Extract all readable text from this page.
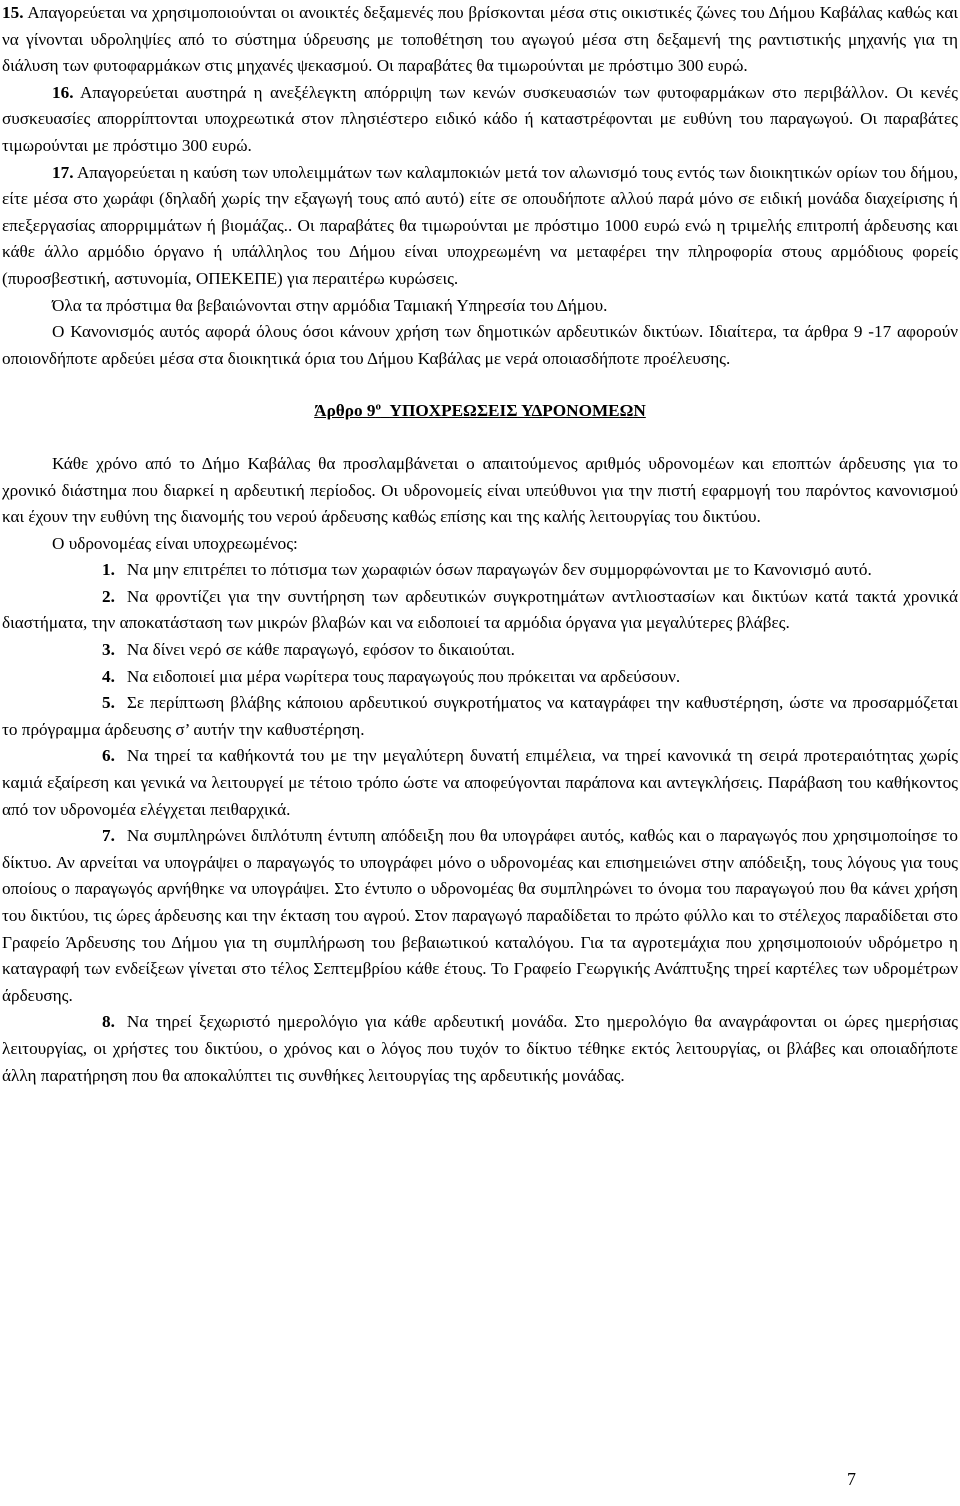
15. Απαγορεύεται να χρησιμοποιούνται οι ανοικτές δεξαμενές που βρίσκονται μέσα στις οικιστικές ζώνες του Δήμου Καβάλας καθώς και να γίνονται υδροληψίες από το σύστημα ύδρευσης με τοποθέτηση του αγωγού μέσα στη δεξαμενή της ραντιστικής μηχανής για τη διάλυση των φυτοφαρμάκων στις μηχανές ψεκασμού. Οι παραβάτες θα τιμωρούνται με πρόστιμο 300 ευρώ.

16. Απαγορεύεται αυστηρά η ανεξέλεγκτη απόρριψη των κενών συσκευασιών των φυτοφαρμάκων στο περιβάλλον. Οι κενές συσκευασίες απορρίπτονται υποχρεωτικά στον πλησιέστερο ειδικό κάδο ή καταστρέφονται με ευθύνη του παραγωγού. Οι παραβάτες τιμωρούνται με πρόστιμο 300 ευρώ.

17. Απαγορεύεται η καύση των υπολειμμάτων των καλαμποκιών μετά τον αλωνισμό τους εντός των διοικητικών ορίων του δήμου, είτε μέσα στο χωράφι (δηλαδή χωρίς την εξαγωγή τους από αυτό) είτε σε οπουδήποτε αλλού παρά μόνο σε ειδική μονάδα διαχείρισης ή επεξεργασίας απορριμμάτων ή βιομάζας.. Οι παραβάτες θα τιμωρούνται με πρόστιμο 1000 ευρώ ενώ η τριμελής επιτροπή άρδευσης και κάθε άλλο αρμόδιο όργανο ή υπάλληλος του Δήμου είναι υποχρεωμένη να μεταφέρει την πληροφορία στους αρμόδιους φορείς (πυροσβεστική, αστυνομία, ΟΠΕΚΕΠΕ) για περαιτέρω κυρώσεις.

Όλα τα πρόστιμα θα βεβαιώνονται στην αρμόδια Ταμιακή Υπηρεσία του Δήμου.

Ο Κανονισμός αυτός αφορά όλους όσοι κάνουν χρήση των δημοτικών αρδευτικών δικτύων. Ιδιαίτερα, τα άρθρα 9 -17 αφορούν οποιονδήποτε αρδεύει μέσα στα διοικητικά όρια του Δήμου Καβάλας με νερά οποιασδήποτε προέλευσης.

Άρθρο $9^o$ ΥΠΟΧΡΕΩΣΕΙΣ ΥΔΡΟΝΟΜΕΩΝ

Κάθε χρόνο από το Δήμο Καβάλας θα προσλαμβάνεται ο απαιτούμενος αριθμός υδρονομέων και εποπτών άρδευσης για το χρονικό διάστημα που διαρκεί η αρδευτική περίοδος. Οι υδρονομείς είναι υπεύθυνοι για την πιστή εφαρμογή του παρόντος κανονισμού και έχουν την ευθύνη της διανομής του νερού άρδευσης καθώς επίσης και της καλής λειτουργίας του δικτύου.

Ο υδρονομέας είναι υποχρεωμένος:

1. Να μην επιτρέπει το πότισμα των χωραφιών όσων παραγωγών δεν συμμορφώνονται με το Κανονισμό αυτό.

2. Να φροντίζει για την συντήρηση των αρδευτικών συγκροτημάτων αντλιοστασίων και δικτύων κατά τακτά χρονικά διαστήματα, την αποκατάσταση των μικρών βλαβών και να ειδοποιεί τα αρμόδια όργανα για μεγαλύτερες βλάβες.

3. Να δίνει νερό σε κάθε παραγωγό, εφόσον το δικαιούται.

4. Να ειδοποιεί μια μέρα νωρίτερα τους παραγωγούς που πρόκειται να αρδεύσουν.

5. Σε περίπτωση βλάβης κάποιου αρδευτικού συγκροτήματος να καταγράφει την καθυστέρηση, ώστε να προσαρμόζεται το πρόγραμμα άρδευσης σ’ αυτήν την καθυστέρηση.

6. Να τηρεί τα καθήκοντά του με την μεγαλύτερη δυνατή επιμέλεια, να τηρεί κανονικά τη σειρά προτεραιότητας χωρίς καμιά εξαίρεση και γενικά να λειτουργεί με τέτοιο τρόπο ώστε να αποφεύγονται παράπονα και αντεγκλήσεις. Παράβαση του καθήκοντος από τον υδρονομέα ελέγχεται πειθαρχικά.

7. Να συμπληρώνει διπλότυπη έντυπη απόδειξη που θα υπογράφει αυτός, καθώς και ο παραγωγός που χρησιμοποίησε το δίκτυο. Αν αρνείται να υπογράψει ο παραγωγός το υπογράφει μόνο ο υδρονομέας και επισημειώνει στην απόδειξη, τους λόγους για τους οποίους ο παραγωγός αρνήθηκε να υπογράψει. Στο έντυπο ο υδρονομέας θα συμπληρώνει το όνομα του παραγωγού που θα κάνει χρήση του δικτύου, τις ώρες άρδευσης και την έκταση του αγρού. Στον παραγωγό παραδίδεται το πρώτο φύλλο και το στέλεχος παραδίδεται στο Γραφείο Άρδευσης του Δήμου για τη συμπλήρωση του βεβαιωτικού καταλόγου. Για τα αγροτεμάχια που χρησιμοποιούν υδρόμετρο η καταγραφή των ενδείξεων γίνεται στο τέλος Σεπτεμβρίου κάθε έτους. Το Γραφείο Γεωργικής Ανάπτυξης τηρεί καρτέλες των υδρομέτρων άρδευσης.

8. Να τηρεί ξεχωριστό ημερολόγιο για κάθε αρδευτική μονάδα. Στο ημερολόγιο θα αναγράφονται οι ώρες ημερήσιας λειτουργίας, οι χρήστες του δικτύου, ο χρόνος και ο λόγος που τυχόν το δίκτυο τέθηκε εκτός λειτουργίας, οι βλάβες και οποιαδήποτε άλλη παρατήρηση που θα αποκαλύπτει τις συνθήκες λειτουργίας της αρδευτικής μονάδας.

7
